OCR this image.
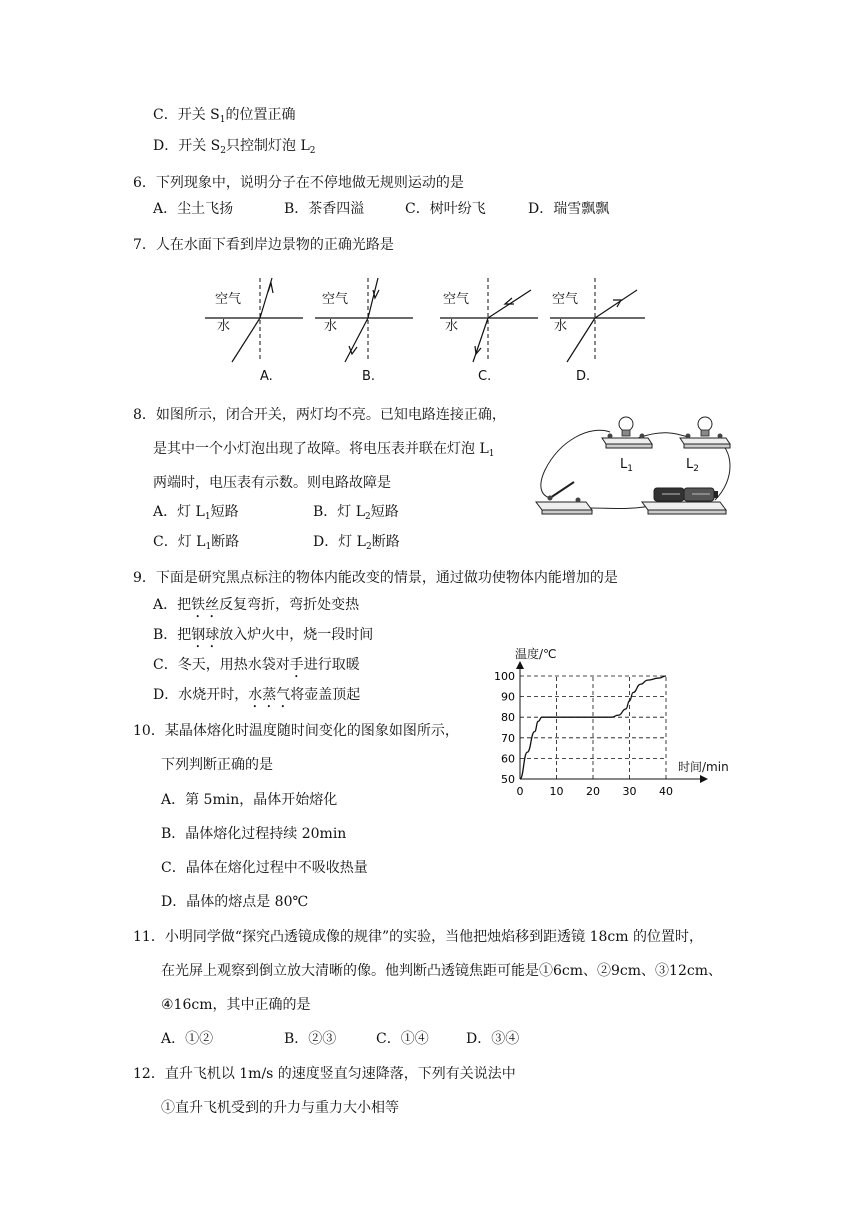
C．开关 $S_1$的位置正确
D．开关 $S_2$只控制灯泡 $L_2$
6．下列现象中，说明分子在不停地做无规则运动的是
A．尘土飞扬	B．茶香四溢	C．树叶纷飞	D．瑞雪飘飘
7．人在水面下看到岸边景物的正确光路是
空气
水
空气
水
空气
水
空气
水
A.	B.	C.	D.
8．如图所示，闭合开关，两灯均不亮。已知电路连接正确，
是其中一个小灯泡出现了故障。将电压表并联在灯泡 $L_1$
两端时，电压表有示数。则电路故障是
A．灯 $L_1$短路	B．灯 $L_2$短路
C．灯 $L_1$断路	D．灯 $L_2$断路
$L_1$	$L_2$
9．下面是研究黑点标注的物体内能改变的情景，通过做功使物体内能增加的是
A．把铁丝反复弯折，弯折处变热
B．把钢球放入炉火中，烧一段时间
C．冬天，用热水袋对手进行取暖
D．水烧开时，水蒸气将壶盖顶起
10．某晶体熔化时温度随时间变化的图象如图所示，
下列判断正确的是
A．第 5min，晶体开始熔化
B．晶体熔化过程持续 20min
C．晶体在熔化过程中不吸收热量
D．晶体的熔点是 80℃
温度/℃
时间/min
50
60
70
80
90
100
0 10 20 30 40
11．小明同学做“探究凸透镜成像的规律”的实验，当他把烛焰移到距透镜 18cm 的位置时，
在光屏上观察到倒立放大清晰的像。他判断凸透镜焦距可能是①6cm、②9cm、③12cm、
④16cm，其中正确的是
A．①②	B．②③	C．①④	D．③④
12．直升飞机以 1m/s 的速度竖直匀速降落，下列有关说法中
①直升飞机受到的升力与重力大小相等
